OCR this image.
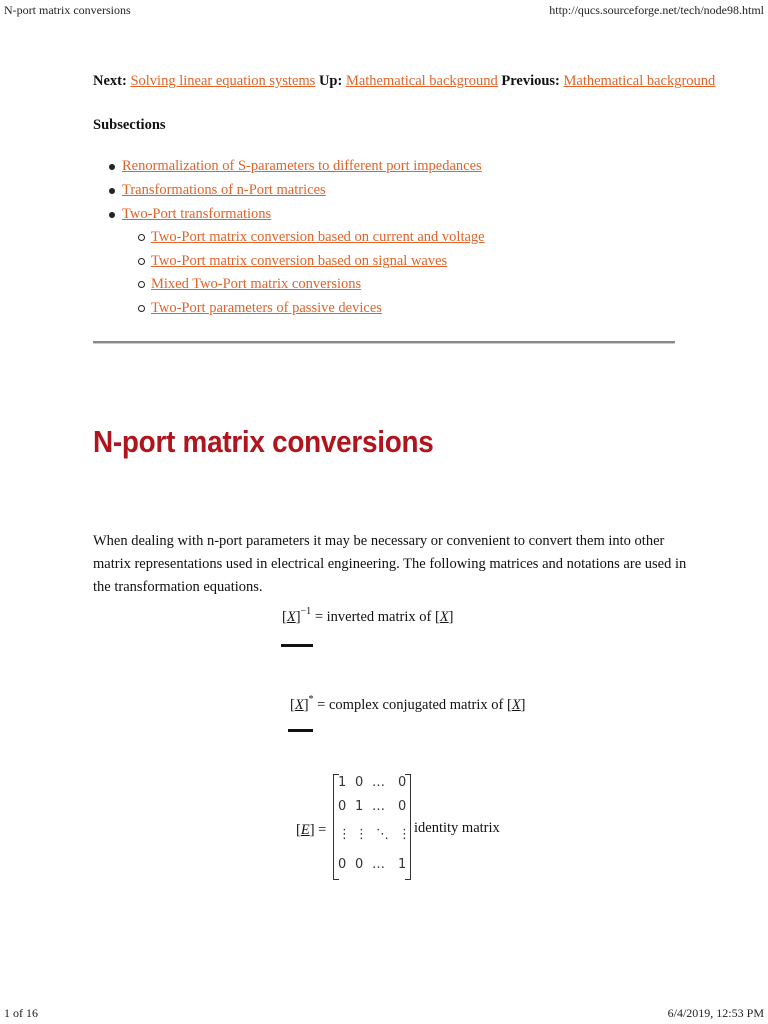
N-port matrix conversions	http://qucs.sourceforge.net/tech/node98.html
Next: Solving linear equation systems Up: Mathematical background Previous: Mathematical background
Subsections
Renormalization of S-parameters to different port impedances
Transformations of n-Port matrices
Two-Port transformations
Two-Port matrix conversion based on current and voltage
Two-Port matrix conversion based on signal waves
Mixed Two-Port matrix conversions
Two-Port parameters of passive devices
N-port matrix conversions

When dealing with n-port parameters it may be necessary or convenient to convert them into other matrix representations used in electrical engineering. The following matrices and notations are used in the transformation equations.

$[X]^{-1}$ = inverted matrix of [X]
[X]* = complex conjugated matrix of [X]
[E] =
1 0 … 0
0 1 … 0
⋮ ⋮ ⋱ ⋮
0 0 … 1
identity matrix
1 of 16	6/4/2019, 12:53 PM
